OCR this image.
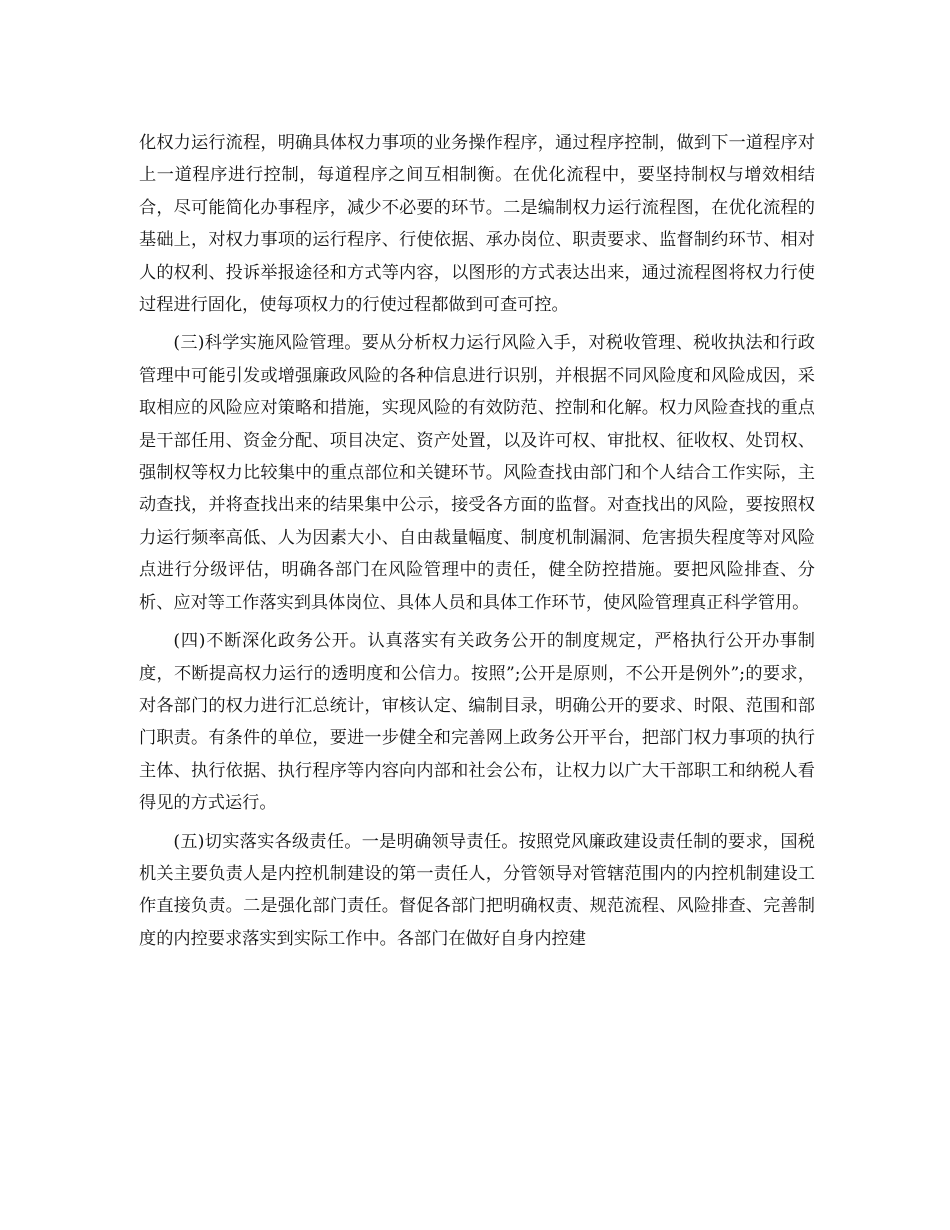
化权力运行流程，明确具体权力事项的业务操作程序，通过程序控制，做到下一道程序对上一道程序进行控制，每道程序之间互相制衡。在优化流程中，要坚持制权与增效相结合，尽可能简化办事程序，减少不必要的环节。二是编制权力运行流程图，在优化流程的基础上，对权力事项的运行程序、行使依据、承办岗位、职责要求、监督制约环节、相对人的权利、投诉举报途径和方式等内容，以图形的方式表达出来，通过流程图将权力行使过程进行固化，使每项权力的行使过程都做到可查可控。

(三)科学实施风险管理。要从分析权力运行风险入手，对税收管理、税收执法和行政管理中可能引发或增强廉政风险的各种信息进行识别，并根据不同风险度和风险成因，采取相应的风险应对策略和措施，实现风险的有效防范、控制和化解。权力风险查找的重点是干部任用、资金分配、项目决定、资产处置，以及许可权、审批权、征收权、处罚权、强制权等权力比较集中的重点部位和关键环节。风险查找由部门和个人结合工作实际，主动查找，并将查找出来的结果集中公示，接受各方面的监督。对查找出的风险，要按照权力运行频率高低、人为因素大小、自由裁量幅度、制度机制漏洞、危害损失程度等对风险点进行分级评估，明确各部门在风险管理中的责任，健全防控措施。要把风险排查、分析、应对等工作落实到具体岗位、具体人员和具体工作环节，使风险管理真正科学管用。

(四)不断深化政务公开。认真落实有关政务公开的制度规定，严格执行公开办事制度，不断提高权力运行的透明度和公信力。按照”;公开是原则，不公开是例外”;的要求，对各部门的权力进行汇总统计，审核认定、编制目录，明确公开的要求、时限、范围和部门职责。有条件的单位，要进一步健全和完善网上政务公开平台，把部门权力事项的执行主体、执行依据、执行程序等内容向内部和社会公布，让权力以广大干部职工和纳税人看得见的方式运行。

(五)切实落实各级责任。一是明确领导责任。按照党风廉政建设责任制的要求，国税机关主要负责人是内控机制建设的第一责任人，分管领导对管辖范围内的内控机制建设工作直接负责。二是强化部门责任。督促各部门把明确权责、规范流程、风险排查、完善制度的内控要求落实到实际工作中。各部门在做好自身内控建
